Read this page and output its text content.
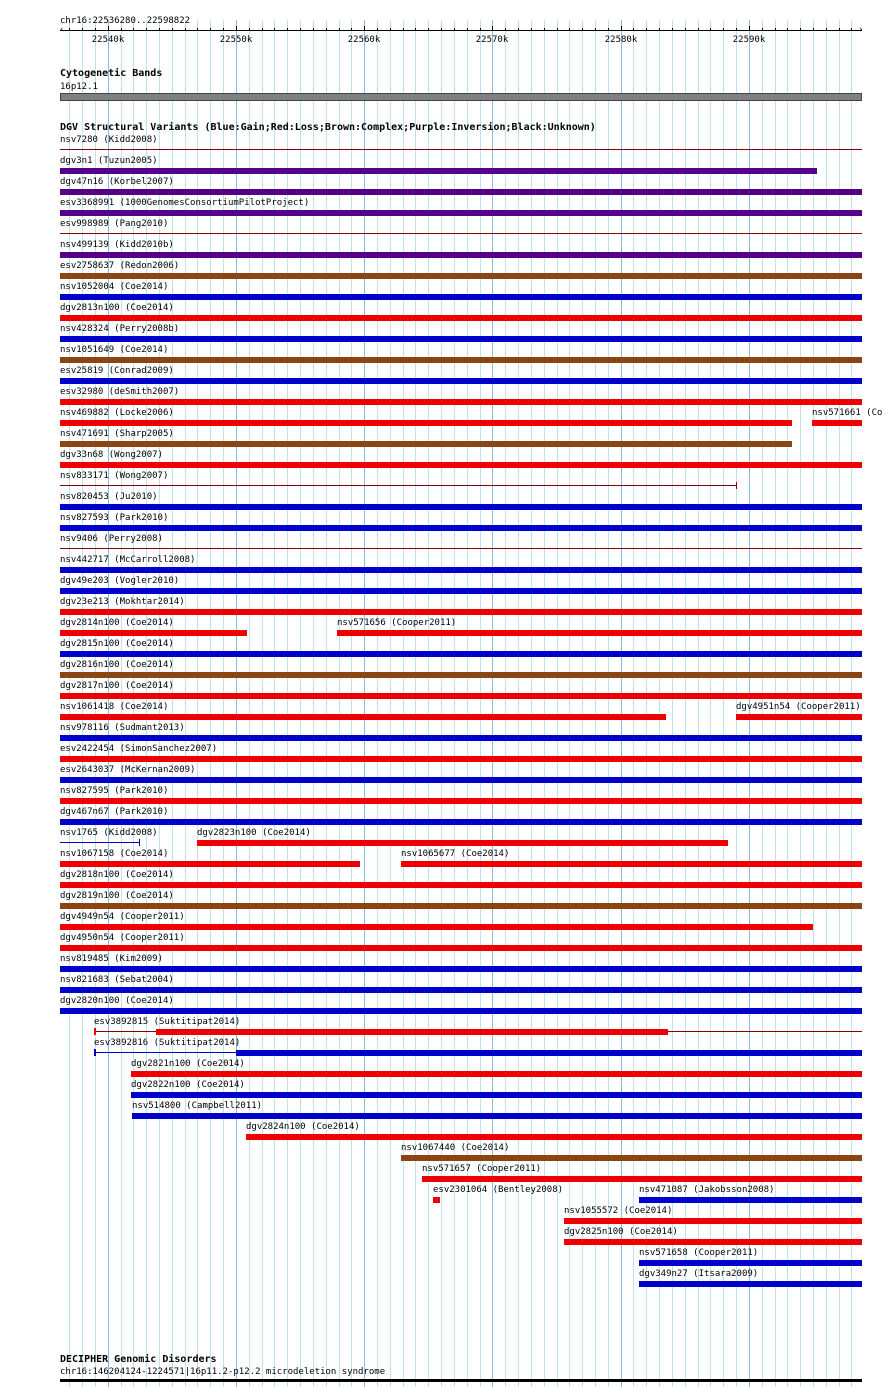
chr16:22536280..22598822
‹	›
22540k	22550k	22560k	22570k	22580k	22590k
Cytogenetic Bands
16p12.1
DGV Structural Variants (Blue:Gain;Red:Loss;Brown:Complex;Purple:Inversion;Black:Unknown)
nsv7280 (Kidd2008)
dgv3n1 (Tuzun2005)
dgv47n16 (Korbel2007)
esv3368991 (1000GenomesConsortiumPilotProject)
esv998989 (Pang2010)
nsv499139 (Kidd2010b)
esv2758637 (Redon2006)
nsv1052004 (Coe2014)
dgv2813n100 (Coe2014)
nsv428324 (Perry2008b)
nsv1051649 (Coe2014)
esv25819 (Conrad2009)
esv32980 (deSmith2007)
nsv469882 (Locke2006)	nsv571661 (Co
nsv471691 (Sharp2005)
dgv33n68 (Wong2007)
nsv833171 (Wong2007)
nsv820453 (Ju2010)
nsv827593 (Park2010)
nsv9406 (Perry2008)
nsv442717 (McCarroll2008)
dgv49e203 (Vogler2010)
dgv23e213 (Mokhtar2014)
dgv2814n100 (Coe2014)	nsv571656 (Cooper2011)
dgv2815n100 (Coe2014)
dgv2816n100 (Coe2014)
dgv2817n100 (Coe2014)
nsv1061418 (Coe2014)	dgv4951n54 (Cooper2011)
nsv978116 (Sudmant2013)
esv2422454 (SimonSanchez2007)
esv2643037 (McKernan2009)
nsv827595 (Park2010)
dgv467n67 (Park2010)
nsv1765 (Kidd2008)	dgv2823n100 (Coe2014)
nsv1067158 (Coe2014)	nsv1065677 (Coe2014)
dgv2818n100 (Coe2014)
dgv2819n100 (Coe2014)
dgv4949n54 (Cooper2011)
dgv4950n54 (Cooper2011)
nsv819485 (Kim2009)
nsv821683 (Sebat2004)
dgv2820n100 (Coe2014)
esv3892815 (Suktitipat2014)
esv3892816 (Suktitipat2014)
dgv2821n100 (Coe2014)
dgv2822n100 (Coe2014)
nsv514800 (Campbell2011)
dgv2824n100 (Coe2014)
nsv1067440 (Coe2014)
nsv571657 (Cooper2011)
esv2301064 (Bentley2008)	nsv471087 (Jakobsson2008)
nsv1055572 (Coe2014)
dgv2825n100 (Coe2014)
nsv571658 (Cooper2011)
dgv349n27 (Itsara2009)
DECIPHER Genomic Disorders
chr16:146204124-1224571|16p11.2-p12.2 microdeletion syndrome
